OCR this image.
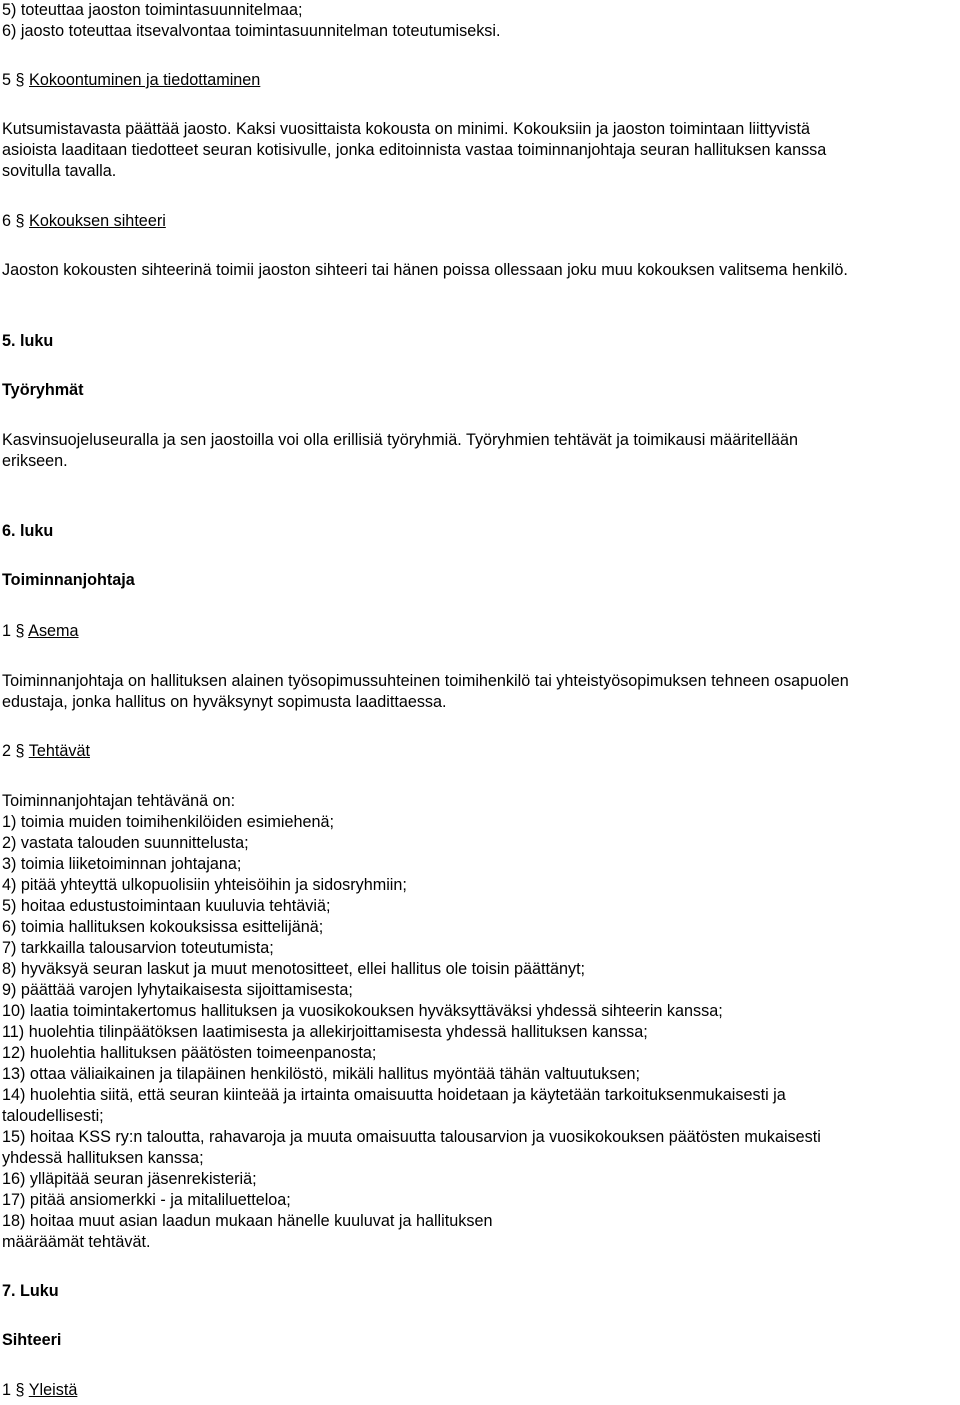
5) toteuttaa jaoston toimintasuunnitelmaa;
6) jaosto toteuttaa itsevalvontaa toimintasuunnitelman toteutumiseksi.
5 § Kokoontuminen ja tiedottaminen
Kutsumistavasta päättää jaosto. Kaksi vuosittaista kokousta on minimi. Kokouksiin ja jaoston toimintaan liittyvistä
asioista laaditaan tiedotteet seuran kotisivulle, jonka editoinnista vastaa toiminnanjohtaja seuran hallituksen kanssa
sovitulla tavalla.
6 § Kokouksen sihteeri
Jaoston kokousten sihteerinä toimii jaoston sihteeri tai hänen poissa ollessaan joku muu kokouksen valitsema henkilö.
5. luku
Työryhmät
Kasvinsuojeluseuralla ja sen jaostoilla voi olla erillisiä työryhmiä. Työryhmien tehtävät ja toimikausi määritellään
erikseen.
6. luku
Toiminnanjohtaja
1 § Asema
Toiminnanjohtaja on hallituksen alainen työsopimussuhteinen toimihenkilö tai yhteistyösopimuksen tehneen osapuolen
edustaja, jonka hallitus on hyväksynyt sopimusta laadittaessa.
2 § Tehtävät
Toiminnanjohtajan tehtävänä on:
1) toimia muiden toimihenkilöiden esimiehenä;
2) vastata talouden suunnittelusta;
3) toimia liiketoiminnan johtajana;
4) pitää yhteyttä ulkopuolisiin yhteisöihin ja sidosryhmiin;
5) hoitaa edustustoimintaan kuuluvia tehtäviä;
6) toimia hallituksen kokouksissa esittelijänä;
7) tarkkailla talousarvion toteutumista;
8) hyväksyä seuran laskut ja muut menotositteet, ellei hallitus ole toisin päättänyt;
9) päättää varojen lyhytaikaisesta sijoittamisesta;
10) laatia toimintakertomus hallituksen ja vuosikokouksen hyväksyttäväksi yhdessä sihteerin kanssa;
11) huolehtia tilinpäätöksen laatimisesta ja allekirjoittamisesta yhdessä hallituksen kanssa;
12) huolehtia hallituksen päätösten toimeenpanosta;
13) ottaa väliaikainen ja tilapäinen henkilöstö, mikäli hallitus myöntää tähän valtuutuksen;
14) huolehtia siitä, että seuran kiinteää ja irtainta omaisuutta hoidetaan ja käytetään tarkoituksenmukaisesti ja
taloudellisesti;
15) hoitaa KSS ry:n taloutta, rahavaroja ja muuta omaisuutta talousarvion ja vuosikokouksen päätösten mukaisesti
yhdessä hallituksen kanssa;
16) ylläpitää seuran jäsenrekisteriä;
17) pitää ansiomerkki - ja mitaliluetteloa;
18) hoitaa muut asian laadun mukaan hänelle kuuluvat ja hallituksen
määräämät tehtävät.
7. Luku
Sihteeri
1 § Yleistä
